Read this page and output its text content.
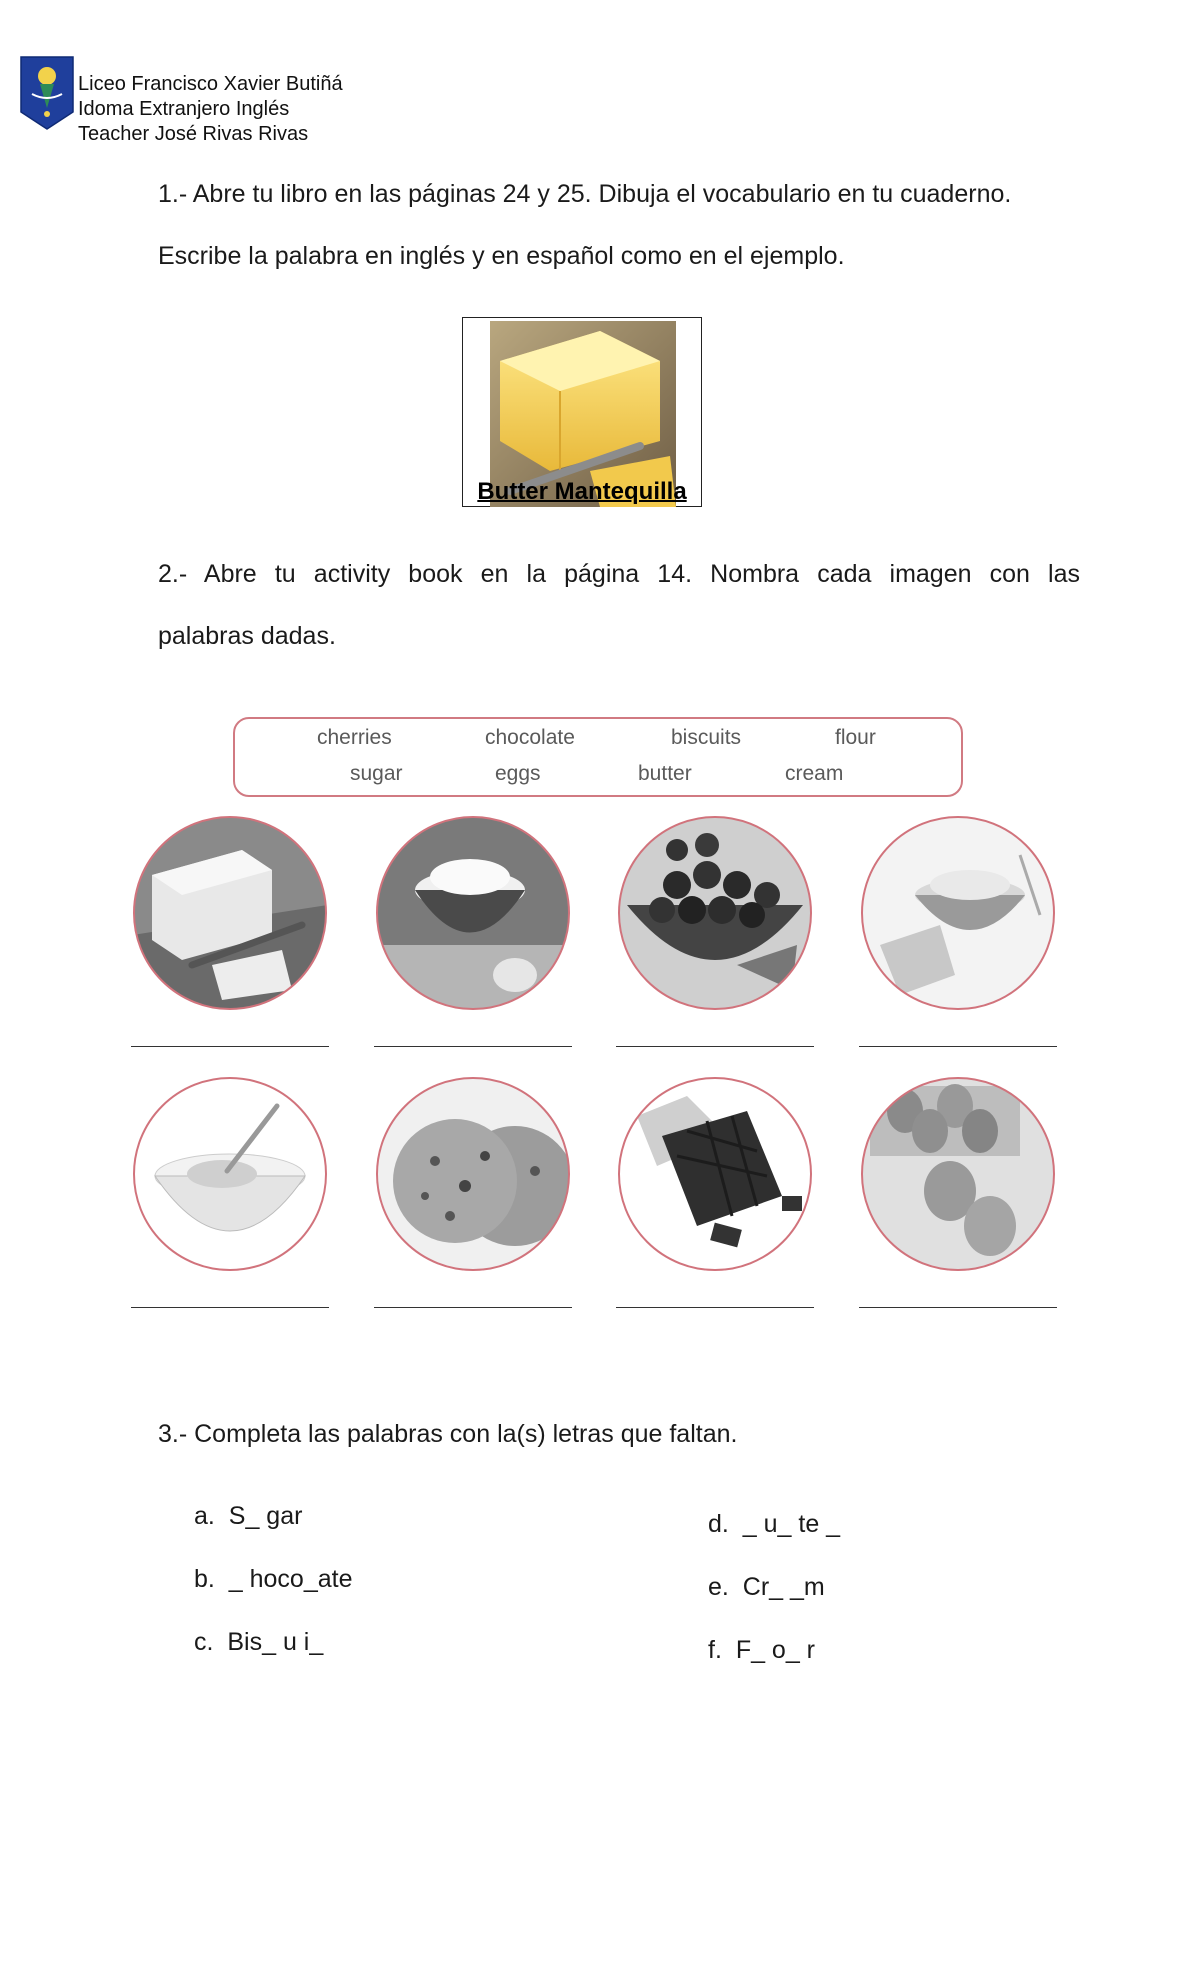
Liceo Francisco Xavier Butiñá
Idoma Extranjero Inglés
Teacher José Rivas Rivas
1.- Abre tu libro en las páginas 24 y 25. Dibuja el vocabulario en tu cuaderno.
Escribe la palabra en inglés y en español como en el ejemplo.
Butter Mantequilla
2.- Abre tu activity book en la página 14. Nombra cada imagen con las
palabras dadas.
cherries	chocolate	biscuits	flour
sugar	eggs	butter	cream
3.- Completa las palabras con la(s) letras que faltan.
a. S_ gar
b. _ hoco_ate
c. Bis_ u i_
d. _ u_ te _
e. Cr_ _m
f. F_ o_ r
